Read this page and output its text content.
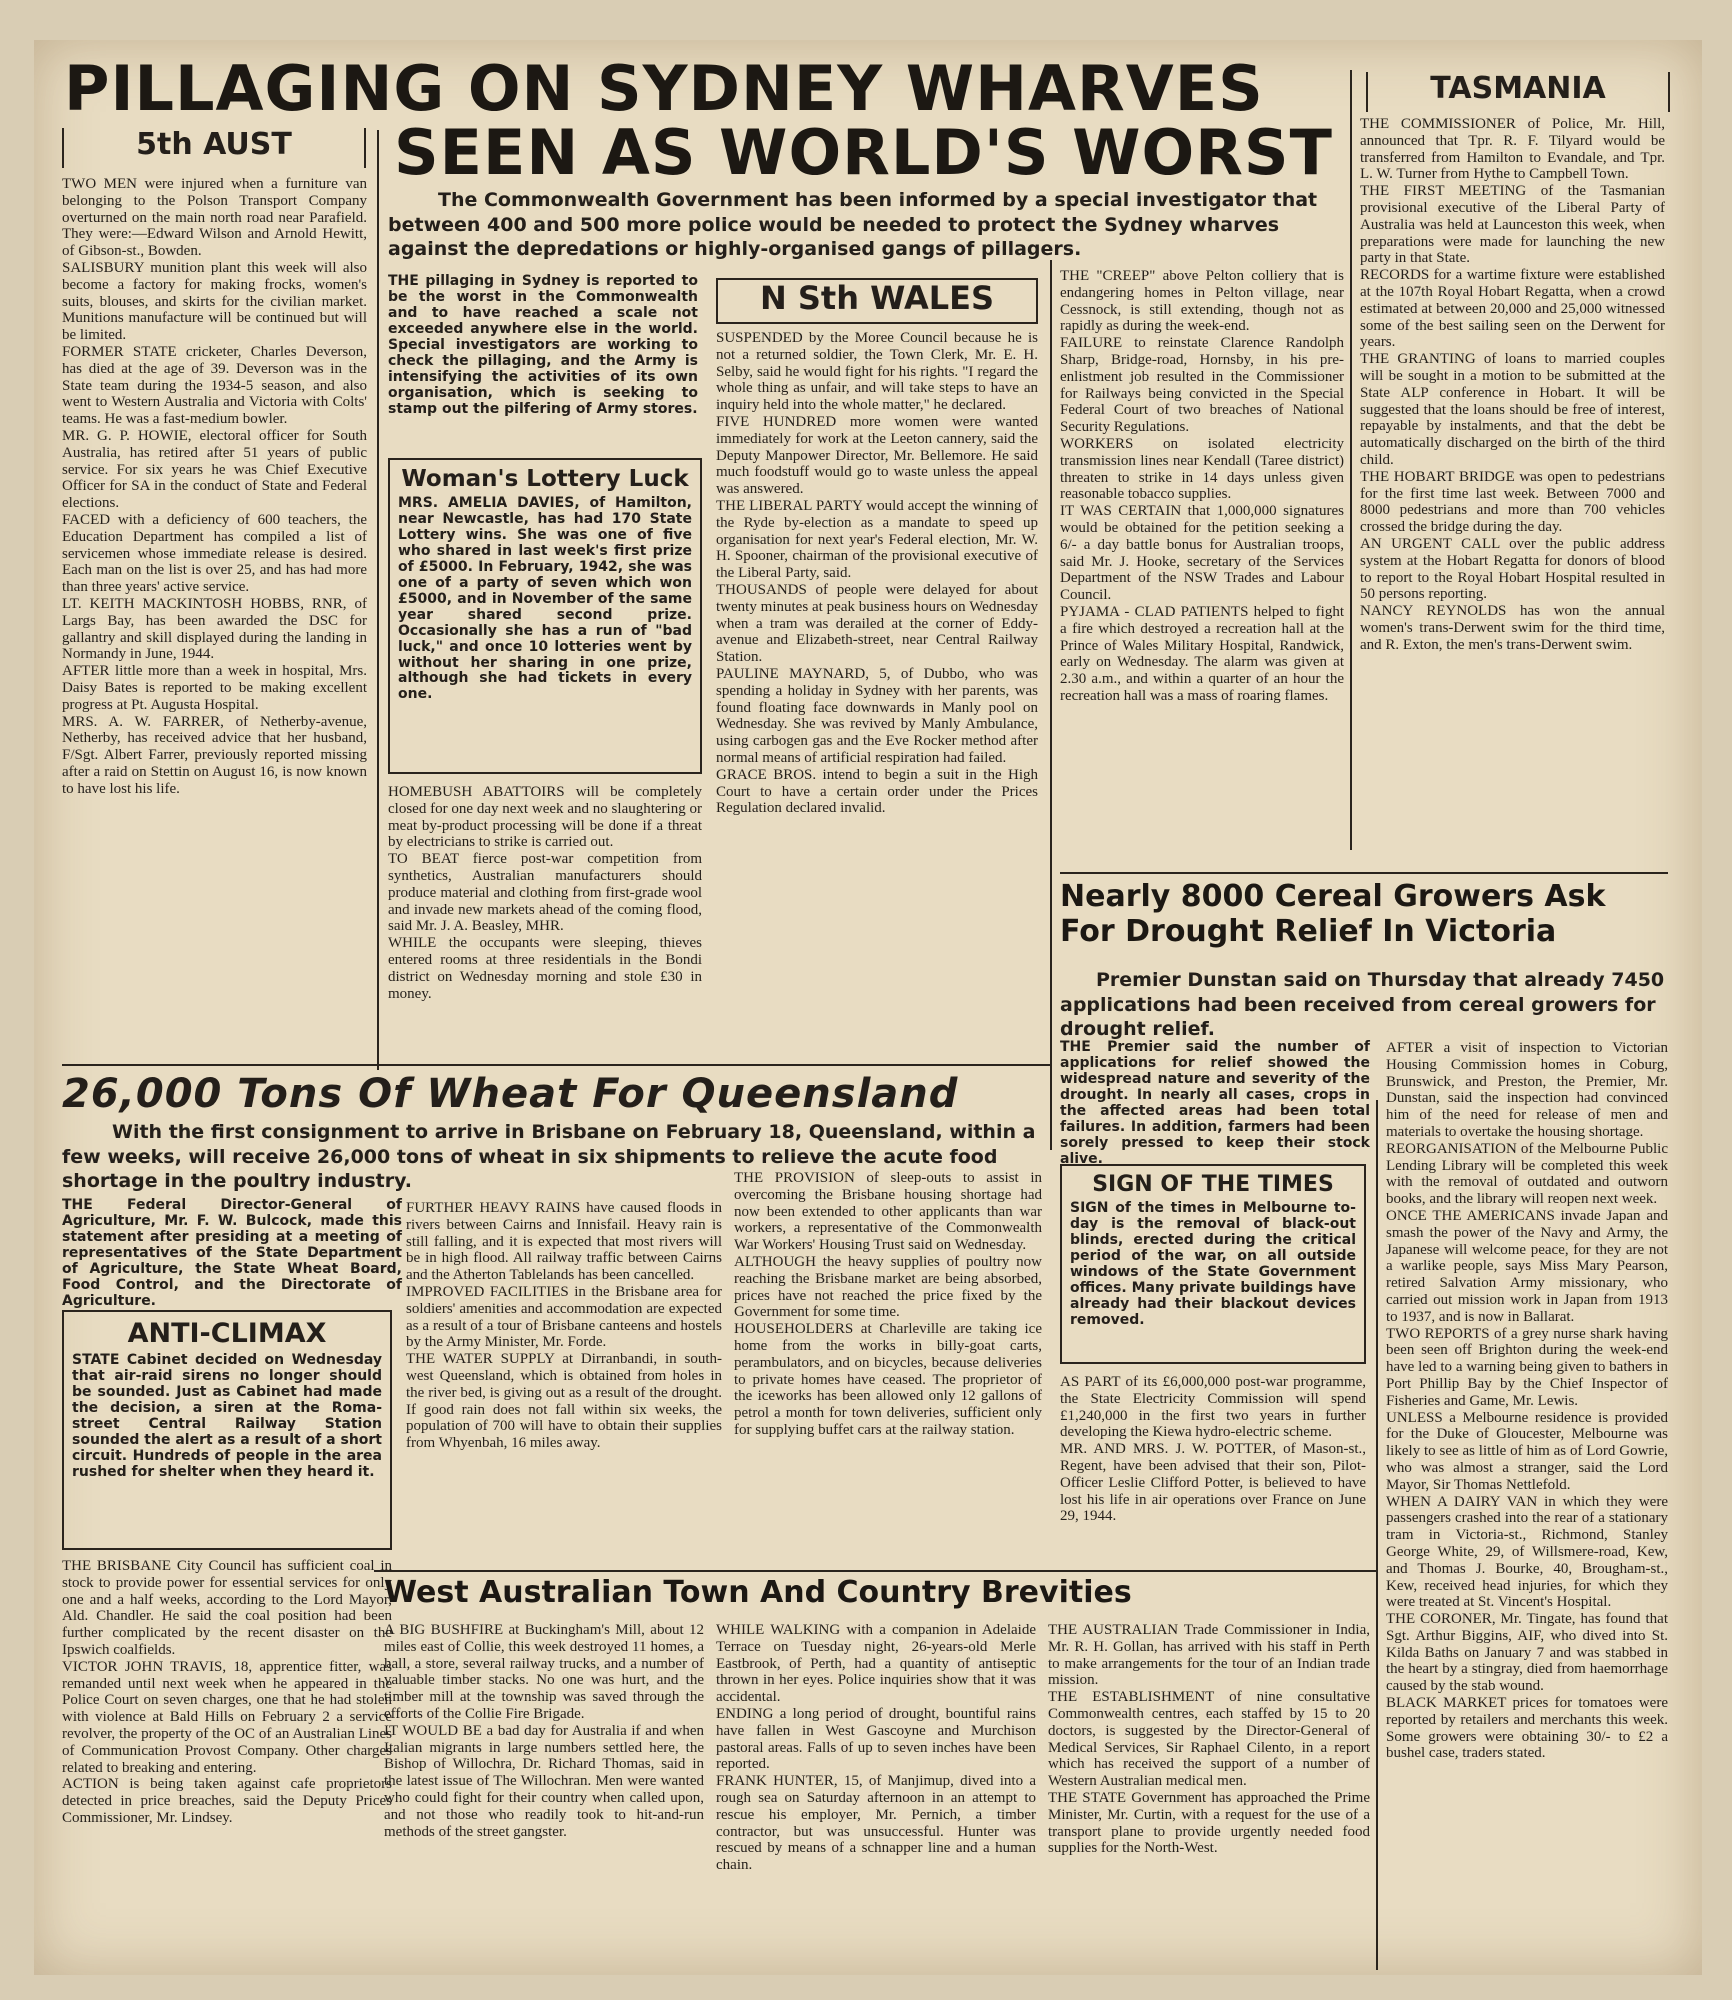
PILLAGING ON SYDNEY WHARVES
SEEN AS WORLD'S WORST
5th AUST
TASMANIA
The Commonwealth Government has been informed by a special investigator that between 400 and 500 more police would be needed to protect the Sydney wharves against the depredations or highly-organised gangs of pillagers.
TWO MEN were injured when a furniture van belonging to the Polson Transport Company overturned on the main north road near Parafield. They were:—Edward Wilson and Arnold Hewitt, of Gibson-st., Bowden.
SALISBURY munition plant this week will also become a factory for making frocks, women's suits, blouses, and skirts for the civilian market. Munitions manufacture will be continued but will be limited.
FORMER STATE cricketer, Charles Deverson, has died at the age of 39. Deverson was in the State team during the 1934-5 season, and also went to Western Australia and Victoria with Colts' teams. He was a fast-medium bowler.
MR. G. P. HOWIE, electoral officer for South Australia, has retired after 51 years of public service. For six years he was Chief Executive Officer for SA in the conduct of State and Federal elections.
FACED with a deficiency of 600 teachers, the Education Department has compiled a list of servicemen whose immediate release is desired. Each man on the list is over 25, and has had more than three years' active service.
LT. KEITH MACKINTOSH HOBBS, RNR, of Largs Bay, has been awarded the DSC for gallantry and skill displayed during the landing in Normandy in June, 1944.
AFTER little more than a week in hospital, Mrs. Daisy Bates is reported to be making excellent progress at Pt. Augusta Hospital.
MRS. A. W. FARRER, of Netherby-avenue, Netherby, has received advice that her husband, F/Sgt. Albert Farrer, previously reported missing after a raid on Stettin on August 16, is now known to have lost his life.

THE pillaging in Sydney is reported to be the worst in the Commonwealth and to have reached a scale not exceeded anywhere else in the world. Special investigators are working to check the pillaging, and the Army is intensifying the activities of its own organisation, which is seeking to stamp out the pilfering of Army stores.

Woman's Lottery Luck

MRS. AMELIA DAVIES, of Hamilton, near Newcastle, has had 170 State Lottery wins. She was one of five who shared in last week's first prize of £5000. In February, 1942, she was one of a party of seven which won £5000, and in November of the same year shared second prize. Occasionally she has a run of "bad luck," and once 10 lotteries went by without her sharing in one prize, although she had tickets in every one.

HOMEBUSH ABATTOIRS will be completely closed for one day next week and no slaughtering or meat by-product processing will be done if a threat by electricians to strike is carried out.
TO BEAT fierce post-war competition from synthetics, Australian manufacturers should produce material and clothing from first-grade wool and invade new markets ahead of the coming flood, said Mr. J. A. Beasley, MHR.
WHILE the occupants were sleeping, thieves entered rooms at three residentials in the Bondi district on Wednesday morning and stole £30 in money.
N Sth WALES
SUSPENDED by the Moree Council because he is not a returned soldier, the Town Clerk, Mr. E. H. Selby, said he would fight for his rights. "I regard the whole thing as unfair, and will take steps to have an inquiry held into the whole matter," he declared.
FIVE HUNDRED more women were wanted immediately for work at the Leeton cannery, said the Deputy Manpower Director, Mr. Bellemore. He said much foodstuff would go to waste unless the appeal was answered.
THE LIBERAL PARTY would accept the winning of the Ryde by-election as a mandate to speed up organisation for next year's Federal election, Mr. W. H. Spooner, chairman of the provisional executive of the Liberal Party, said.
THOUSANDS of people were delayed for about twenty minutes at peak business hours on Wednesday when a tram was derailed at the corner of Eddy-avenue and Elizabeth-street, near Central Railway Station.
PAULINE MAYNARD, 5, of Dubbo, who was spending a holiday in Sydney with her parents, was found floating face downwards in Manly pool on Wednesday. She was revived by Manly Ambulance, using carbogen gas and the Eve Rocker method after normal means of artificial respiration had failed.
GRACE BROS. intend to begin a suit in the High Court to have a certain order under the Prices Regulation declared invalid.
THE "CREEP" above Pelton colliery that is endangering homes in Pelton village, near Cessnock, is still extending, though not as rapidly as during the week-end.
FAILURE to reinstate Clarence Randolph Sharp, Bridge-road, Hornsby, in his pre-enlistment job resulted in the Commissioner for Railways being convicted in the Special Federal Court of two breaches of National Security Regulations.
WORKERS on isolated electricity transmission lines near Kendall (Taree district) threaten to strike in 14 days unless given reasonable tobacco supplies.
IT WAS CERTAIN that 1,000,000 signatures would be obtained for the petition seeking a 6/- a day battle bonus for Australian troops, said Mr. J. Hooke, secretary of the Services Department of the NSW Trades and Labour Council.
PYJAMA - CLAD PATIENTS helped to fight a fire which destroyed a recreation hall at the Prince of Wales Military Hospital, Randwick, early on Wednesday. The alarm was given at 2.30 a.m., and within a quarter of an hour the recreation hall was a mass of roaring flames.
THE COMMISSIONER of Police, Mr. Hill, announced that Tpr. R. F. Tilyard would be transferred from Hamilton to Evandale, and Tpr. L. W. Turner from Hythe to Campbell Town.
THE FIRST MEETING of the Tasmanian provisional executive of the Liberal Party of Australia was held at Launceston this week, when preparations were made for launching the new party in that State.
RECORDS for a wartime fixture were established at the 107th Royal Hobart Regatta, when a crowd estimated at between 20,000 and 25,000 witnessed some of the best sailing seen on the Derwent for years.
THE GRANTING of loans to married couples will be sought in a motion to be submitted at the State ALP conference in Hobart. It will be suggested that the loans should be free of interest, repayable by instalments, and that the debt be automatically discharged on the birth of the third child.
THE HOBART BRIDGE was open to pedestrians for the first time last week. Between 7000 and 8000 pedestrians and more than 700 vehicles crossed the bridge during the day.
AN URGENT CALL over the public address system at the Hobart Regatta for donors of blood to report to the Royal Hobart Hospital resulted in 50 persons reporting.
NANCY REYNOLDS has won the annual women's trans-Derwent swim for the third time, and R. Exton, the men's trans-Derwent swim.
Nearly 8000 Cereal Growers Ask For Drought Relief In Victoria
Premier Dunstan said on Thursday that already 7450 applications had been received from cereal growers for drought relief.

THE Premier said the number of applications for relief showed the widespread nature and severity of the drought. In nearly all cases, crops in the affected areas had been total failures. In addition, farmers had been sorely pressed to keep their stock alive.

26,000 Tons Of Wheat For Queensland
With the first consignment to arrive in Brisbane on February 18, Queensland, within a few weeks, will receive 26,000 tons of wheat in six shipments to relieve the acute food shortage in the poultry industry.

THE Federal Director-General of Agriculture, Mr. F. W. Bulcock, made this statement after presiding at a meeting of representatives of the State Department of Agriculture, the State Wheat Board, Food Control, and the Directorate of Agriculture.

ANTI-CLIMAX

STATE Cabinet decided on Wednesday that air-raid sirens no longer should be sounded. Just as Cabinet had made the decision, a siren at the Roma-street Central Railway Station sounded the alert as a result of a short circuit. Hundreds of people in the area rushed for shelter when they heard it.

THE BRISBANE City Council has sufficient coal in stock to provide power for essential services for only one and a half weeks, according to the Lord Mayor, Ald. Chandler. He said the coal position had been further complicated by the recent disaster on the Ipswich coalfields.
VICTOR JOHN TRAVIS, 18, apprentice fitter, was remanded until next week when he appeared in the Police Court on seven charges, one that he had stolen with violence at Bald Hills on February 2 a service revolver, the property of the OC of an Australian Lines of Communication Provost Company. Other charges related to breaking and entering.
ACTION is being taken against cafe proprietors detected in price breaches, said the Deputy Prices Commissioner, Mr. Lindsey.
FURTHER HEAVY RAINS have caused floods in rivers between Cairns and Innisfail. Heavy rain is still falling, and it is expected that most rivers will be in high flood. All railway traffic between Cairns and the Atherton Tablelands has been cancelled.
IMPROVED FACILITIES in the Brisbane area for soldiers' amenities and accommodation are expected as a result of a tour of Brisbane canteens and hostels by the Army Minister, Mr. Forde.
THE WATER SUPPLY at Dirranbandi, in south-west Queensland, which is obtained from holes in the river bed, is giving out as a result of the drought. If good rain does not fall within six weeks, the population of 700 will have to obtain their supplies from Whyenbah, 16 miles away.
THE PROVISION of sleep-outs to assist in overcoming the Brisbane housing shortage had now been extended to other applicants than war workers, a representative of the Commonwealth War Workers' Housing Trust said on Wednesday.
ALTHOUGH the heavy supplies of poultry now reaching the Brisbane market are being absorbed, prices have not reached the price fixed by the Government for some time.
HOUSEHOLDERS at Charleville are taking ice home from the works in billy-goat carts, perambulators, and on bicycles, because deliveries to private homes have ceased. The proprietor of the iceworks has been allowed only 12 gallons of petrol a month for town deliveries, sufficient only for supplying buffet cars at the railway station.
SIGN OF THE TIMES

SIGN of the times in Melbourne to-day is the removal of black-out blinds, erected during the critical period of the war, on all outside windows of the State Government offices. Many private buildings have already had their blackout devices removed.

AS PART of its £6,000,000 post-war programme, the State Electricity Commission will spend £1,240,000 in the first two years in further developing the Kiewa hydro-electric scheme.
MR. AND MRS. J. W. POTTER, of Mason-st., Regent, have been advised that their son, Pilot-Officer Leslie Clifford Potter, is believed to have lost his life in air operations over France on June 29, 1944.
AFTER a visit of inspection to Victorian Housing Commission homes in Coburg, Brunswick, and Preston, the Premier, Mr. Dunstan, said the inspection had convinced him of the need for release of men and materials to overtake the housing shortage.
REORGANISATION of the Melbourne Public Lending Library will be completed this week with the removal of outdated and outworn books, and the library will reopen next week.
ONCE THE AMERICANS invade Japan and smash the power of the Navy and Army, the Japanese will welcome peace, for they are not a warlike people, says Miss Mary Pearson, retired Salvation Army missionary, who carried out mission work in Japan from 1913 to 1937, and is now in Ballarat.
TWO REPORTS of a grey nurse shark having been seen off Brighton during the week-end have led to a warning being given to bathers in Port Phillip Bay by the Chief Inspector of Fisheries and Game, Mr. Lewis.
UNLESS a Melbourne residence is provided for the Duke of Gloucester, Melbourne was likely to see as little of him as of Lord Gowrie, who was almost a stranger, said the Lord Mayor, Sir Thomas Nettlefold.
WHEN A DAIRY VAN in which they were passengers crashed into the rear of a stationary tram in Victoria-st., Richmond, Stanley George White, 29, of Willsmere-road, Kew, and Thomas J. Bourke, 40, Brougham-st., Kew, received head injuries, for which they were treated at St. Vincent's Hospital.
THE CORONER, Mr. Tingate, has found that Sgt. Arthur Biggins, AIF, who dived into St. Kilda Baths on January 7 and was stabbed in the heart by a stingray, died from haemorrhage caused by the stab wound.
BLACK MARKET prices for tomatoes were reported by retailers and merchants this week. Some growers were obtaining 30/- to £2 a bushel case, traders stated.
West Australian Town And Country Brevities
A BIG BUSHFIRE at Buckingham's Mill, about 12 miles east of Collie, this week destroyed 11 homes, a hall, a store, several railway trucks, and a number of valuable timber stacks. No one was hurt, and the timber mill at the township was saved through the efforts of the Collie Fire Brigade.
IT WOULD BE a bad day for Australia if and when Italian migrants in large numbers settled here, the Bishop of Willochra, Dr. Richard Thomas, said in the latest issue of The Willochran. Men were wanted who could fight for their country when called upon, and not those who readily took to hit-and-run methods of the street gangster.
WHILE WALKING with a companion in Adelaide Terrace on Tuesday night, 26-years-old Merle Eastbrook, of Perth, had a quantity of antiseptic thrown in her eyes. Police inquiries show that it was accidental.
ENDING a long period of drought, bountiful rains have fallen in West Gascoyne and Murchison pastoral areas. Falls of up to seven inches have been reported.
FRANK HUNTER, 15, of Manjimup, dived into a rough sea on Saturday afternoon in an attempt to rescue his employer, Mr. Pernich, a timber contractor, but was unsuccessful. Hunter was rescued by means of a schnapper line and a human chain.
THE AUSTRALIAN Trade Commissioner in India, Mr. R. H. Gollan, has arrived with his staff in Perth to make arrangements for the tour of an Indian trade mission.
THE ESTABLISHMENT of nine consultative Commonwealth centres, each staffed by 15 to 20 doctors, is suggested by the Director-General of Medical Services, Sir Raphael Cilento, in a report which has received the support of a number of Western Australian medical men.
THE STATE Government has approached the Prime Minister, Mr. Curtin, with a request for the use of a transport plane to provide urgently needed food supplies for the North-West.
